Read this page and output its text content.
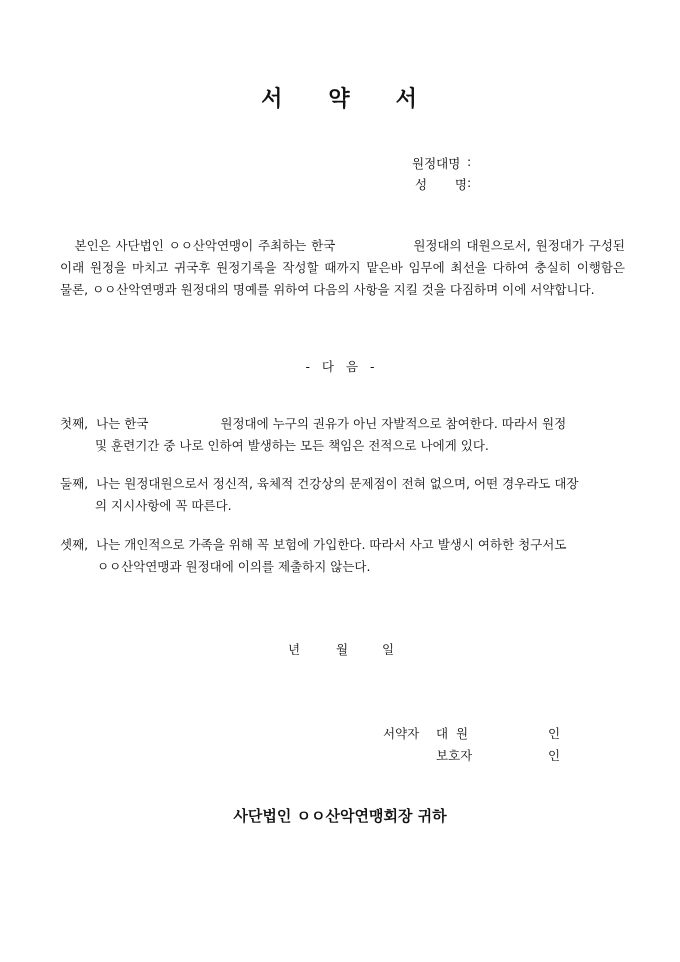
서 약 서
원정대명 :
성 명 :
본인은 사단법인 ㅇㅇ산악연맹이 주최하는 한국	원정대의 대원으로서, 원정대가 구성된 이래 원정을 마치고 귀국후 원정기록을 작성할 때까지 맡은바 임무에 최선을 다하여 충실히 이행함은 물론, ㅇㅇ산악연맹과 원정대의 명예를 위하여 다음의 사항을 지킬 것을 다짐하며 이에 서약합니다.
- 다 음 -
첫째, 나는 한국	원정대에 누구의 권유가 아닌 자발적으로 참여한다. 따라서 원정
및 훈련기간 중 나로 인하여 발생하는 모든 책임은 전적으로 나에게 있다.
둘째, 나는 원정대원으로서 정신적, 육체적 건강상의 문제점이 전혀 없으며, 어떤 경우라도 대장
의 지시사항에 꼭 따른다.
셋째, 나는 개인적으로 가족을 위해 꼭 보험에 가입한다. 따라서 사고 발생시 여하한 청구서도
ㅇㅇ산악연맹과 원정대에 이의를 제출하지 않는다.
년	월	일
서약자 대  원	인
보호자	인
사단법인 ㅇㅇ산악연맹회장 귀하
